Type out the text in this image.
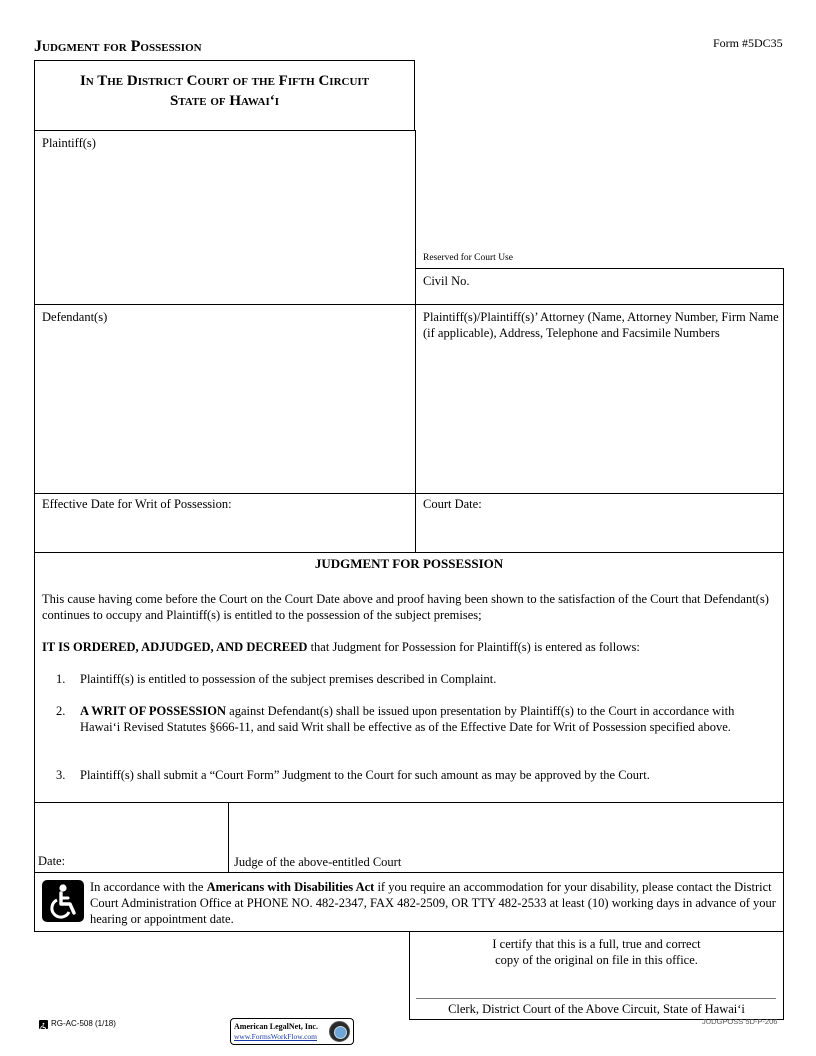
Judgment for Possession	Form #5DC35
In The District Court of the Fifth Circuit
State of Hawai‘i
Plaintiff(s)
Defendant(s)
Effective Date for Writ of Possession:
Reserved for Court Use
Civil No.
Plaintiff(s)/Plaintiff(s)’ Attorney (Name, Attorney Number, Firm Name (if applicable), Address, Telephone and Facsimile Numbers
Court Date:
JUDGMENT FOR POSSESSION
This cause having come before the Court on the Court Date above and proof having been shown to the satisfaction of the Court that Defendant(s) continues to occupy and Plaintiff(s) is entitled to the possession of the subject premises;
IT IS ORDERED, ADJUDGED, AND DECREED that Judgment for Possession for Plaintiff(s) is entered as follows:
1. Plaintiff(s) is entitled to possession of the subject premises described in Complaint.
2. A WRIT OF POSSESSION against Defendant(s) shall be issued upon presentation by Plaintiff(s) to the Court in accordance with Hawai‘i Revised Statutes §666-11, and said Writ shall be effective as of the Effective Date for Writ of Possession specified above.
3. Plaintiff(s) shall submit a “Court Form” Judgment to the Court for such amount as may be approved by the Court.
Date:	Judge of the above-entitled Court
In accordance with the Americans with Disabilities Act if you require an accommodation for your disability, please contact the District Court Administration Office at PHONE NO. 482-2347, FAX 482-2509, OR TTY 482-2533 at least (10) working days in advance of your hearing or appointment date.
I certify that this is a full, true and correct
copy of the original on file in this office.
Clerk, District Court of the Above Circuit, State of Hawai‘i
RG-AC-508 (1/18)	JUDGPOSS 5D-P-206
American LegalNet, Inc.
www.FormsWorkFlow.com
